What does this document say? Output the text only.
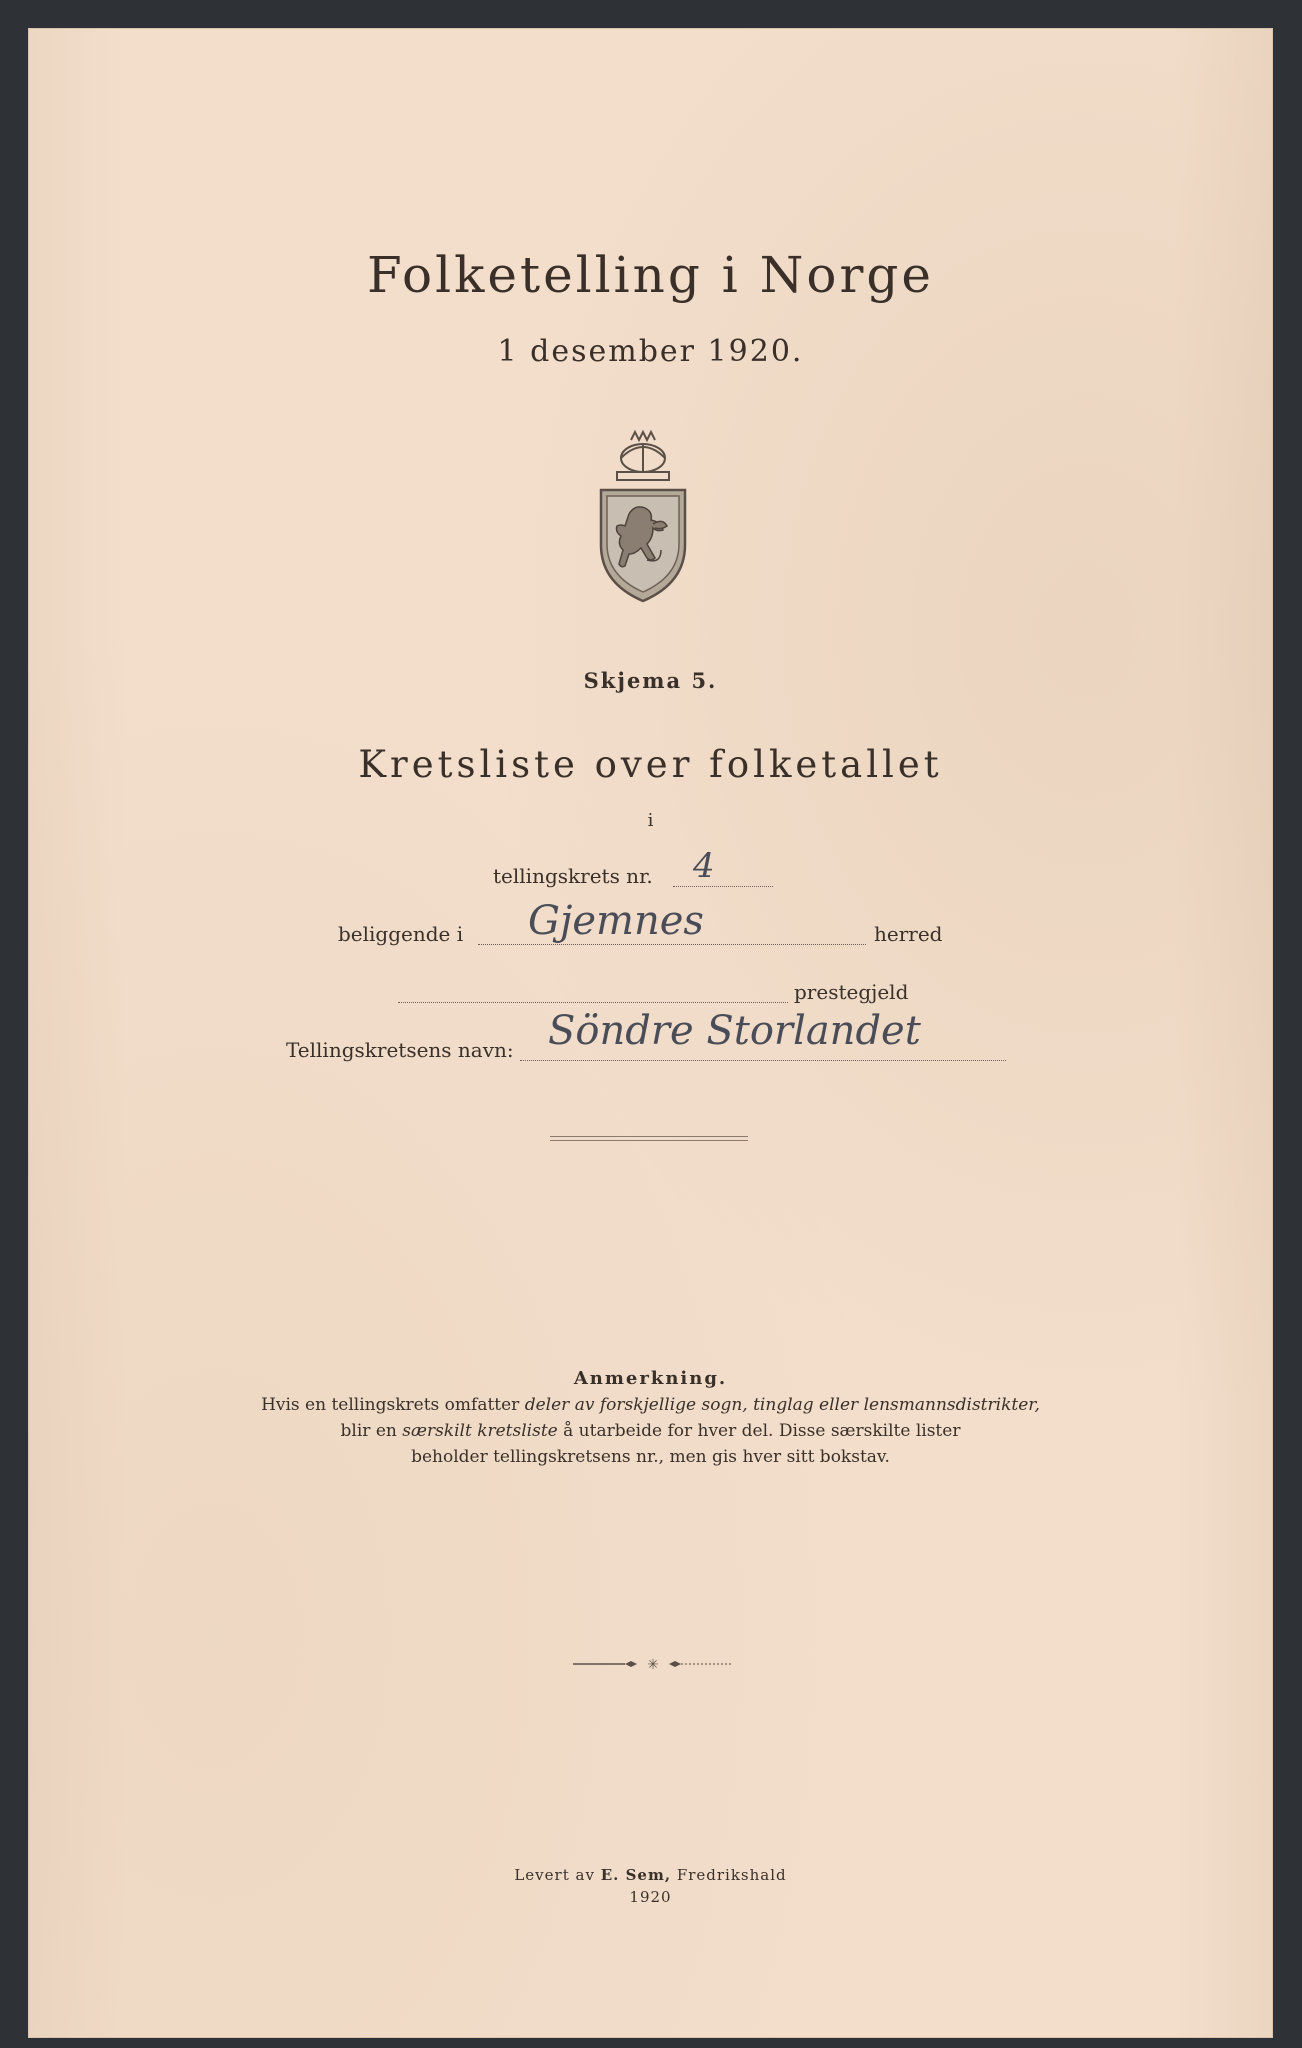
Folketelling i Norge
1 desember 1920.
Skjema 5.
Kretsliste over folketallet
i
tellingskrets nr. 4
beliggende i Gjemnes	herred
prestegjeld
Tellingskretsens navn: Söndre Storlandet
Anmerkning.
Hvis en tellingskrets omfatter deler av forskjellige sogn, tinglag eller lensmannsdistrikter,
blir en særskilt kretsliste å utarbeide for hver del. Disse særskilte lister
beholder tellingskretsens nr., men gis hver sitt bokstav.
✳
Levert av E. Sem, Fredrikshald
1920
